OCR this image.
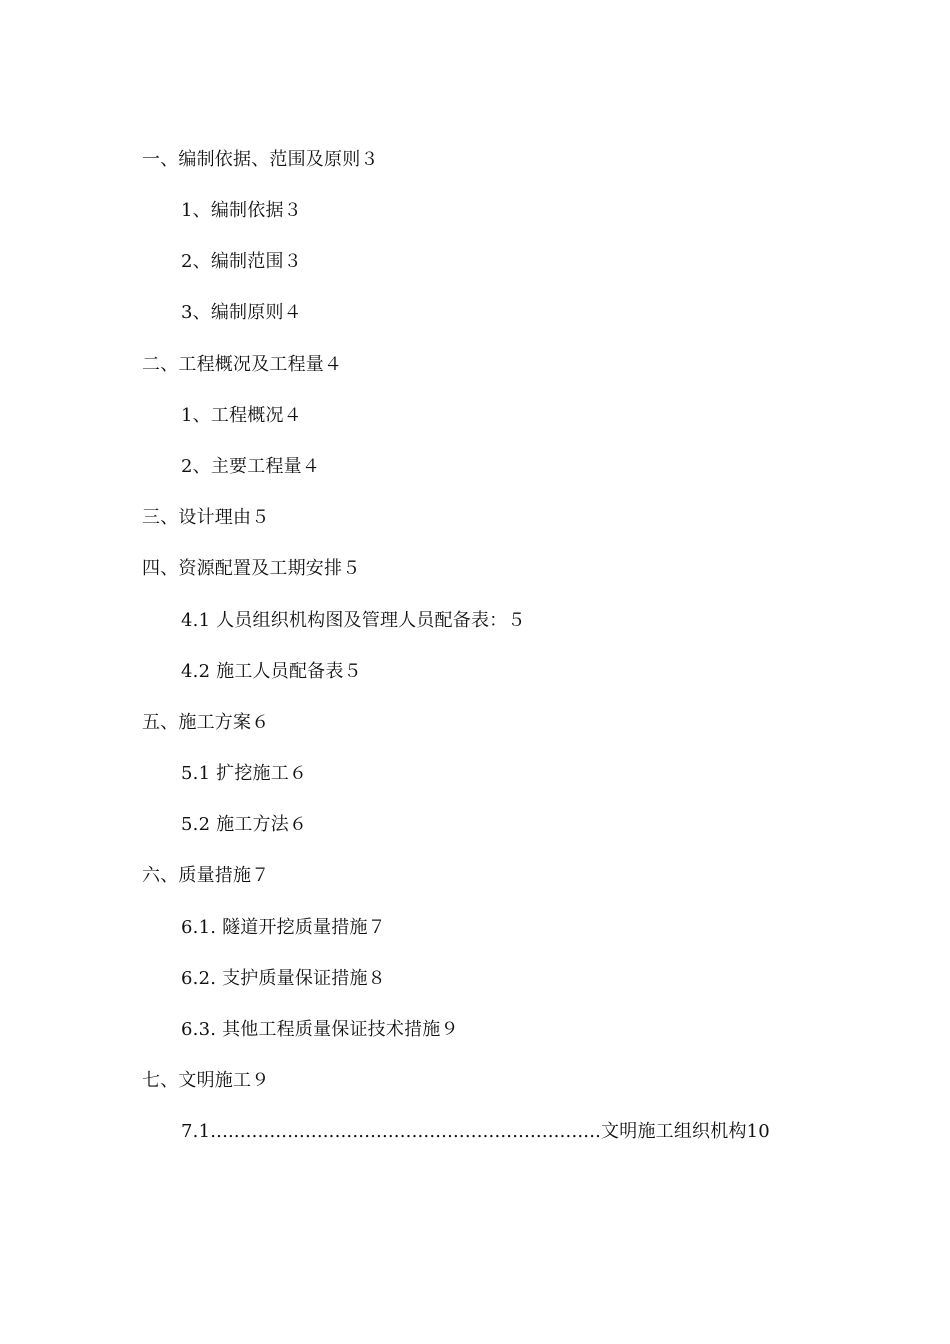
一、编制依据、范围及原则３
1、编制依据３
2、编制范围３
3、编制原则４
二、工程概况及工程量４
1、工程概况４
2、主要工程量４
三、设计理由５
四、资源配置及工期安排５
4.1 人员组织机构图及管理人员配备表：５
4.2 施工人员配备表５
五、施工方案６
5.1 扩挖施工６
5.2 施工方法６
六、质量措施７
6.1. 隧道开挖质量措施７
6.2. 支护质量保证措施８
6.3. 其他工程质量保证技术措施９
七、文明施工９
7.1..................................................................文明施工组织机构10
